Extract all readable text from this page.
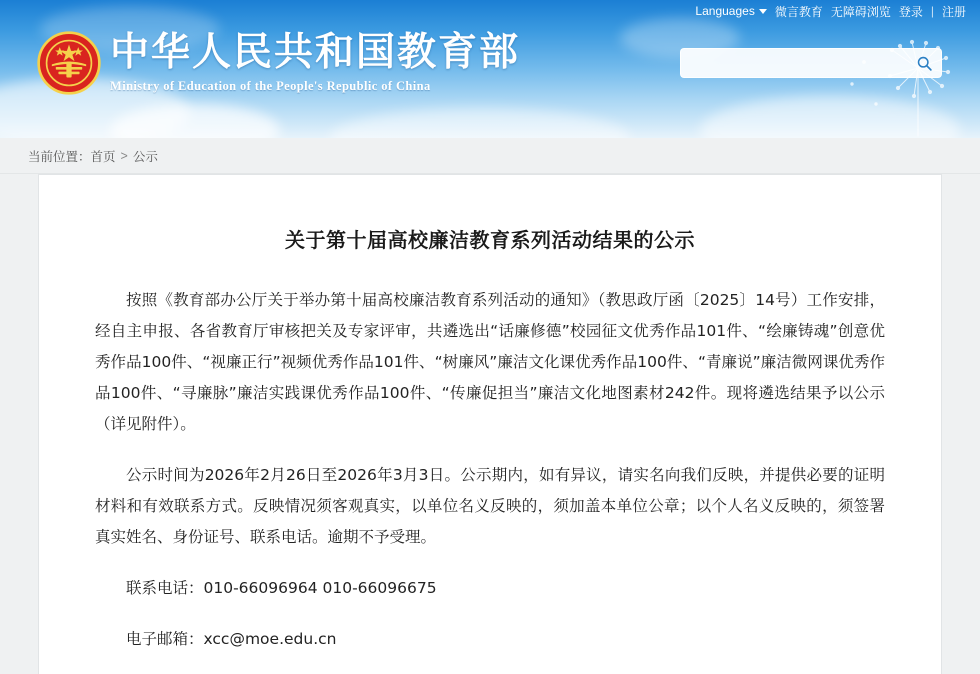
Languages 微言教育 无障碍浏览 登录 | 注册
中华人民共和国教育部
Ministry of Education of the People's Republic of China
当前位置： 首页 > 公示
关于第十届高校廉洁教育系列活动结果的公示

按照《教育部办公厅关于举办第十届高校廉洁教育系列活动的通知》（教思政厅函〔2025〕14号）工作安排，经自主申报、各省教育厅审核把关及专家评审，共遴选出“话廉修德”校园征文优秀作品101件、“绘廉铸魂”创意优秀作品100件、“视廉正行”视频优秀作品101件、“树廉风”廉洁文化课优秀作品100件、“青廉说”廉洁微网课优秀作品100件、“寻廉脉”廉洁实践课优秀作品100件、“传廉促担当”廉洁文化地图素材242件。现将遴选结果予以公示（详见附件）。

公示时间为2026年2月26日至2026年3月3日。公示期内，如有异议，请实名向我们反映，并提供必要的证明材料和有效联系方式。反映情况须客观真实，以单位名义反映的，须加盖本单位公章；以个人名义反映的，须签署真实姓名、身份证号、联系电话。逾期不予受理。

联系电话：010-66096964 010-66096675

电子邮箱：xcc@moe.edu.cn
